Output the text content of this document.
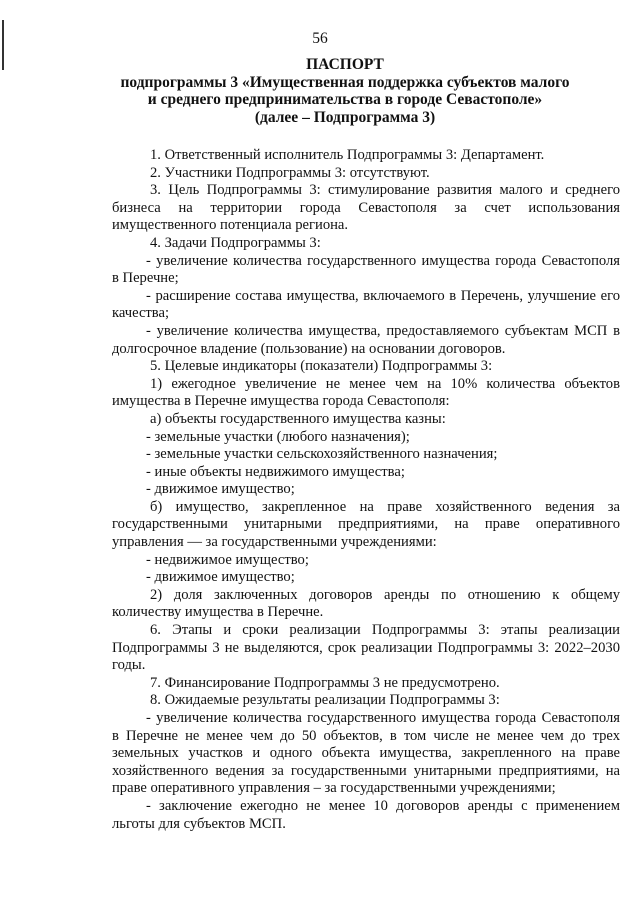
56
ПАСПОРТ
подпрограммы 3 «Имущественная поддержка субъектов малого
и среднего предпринимательства в городе Севастополе»
(далее – Подпрограмма 3)
1. Ответственный исполнитель Подпрограммы 3: Департамент.
2. Участники Подпрограммы 3: отсутствуют.
3. Цель Подпрограммы 3: стимулирование развития малого и среднего бизнеса на территории города Севастополя за счет использования имущественного потенциала региона.
4. Задачи Подпрограммы 3:
- увеличение количества государственного имущества города Севастополя в Перечне;
- расширение состава имущества, включаемого в Перечень, улучшение его качества;
- увеличение количества имущества, предоставляемого субъектам МСП в долгосрочное владение (пользование) на основании договоров.
5. Целевые индикаторы (показатели) Подпрограммы 3:
1) ежегодное увеличение не менее чем на 10% количества объектов имущества в Перечне имущества города Севастополя:
а) объекты государственного имущества казны:
- земельные участки (любого назначения);
- земельные участки сельскохозяйственного назначения;
- иные объекты недвижимого имущества;
- движимое имущество;
б) имущество, закрепленное на праве хозяйственного ведения за государственными унитарными предприятиями, на праве оперативного управления — за государственными учреждениями:
- недвижимое имущество;
- движимое имущество;
2) доля заключенных договоров аренды по отношению к общему количеству имущества в Перечне.
6. Этапы и сроки реализации Подпрограммы 3: этапы реализации Подпрограммы 3 не выделяются, срок реализации Подпрограммы 3: 2022–2030 годы.
7. Финансирование Подпрограммы 3 не предусмотрено.
8. Ожидаемые результаты реализации Подпрограммы 3:
- увеличение количества государственного имущества города Севастополя в Перечне не менее чем до 50 объектов, в том числе не менее чем до трех земельных участков и одного объекта имущества, закрепленного на праве хозяйственного ведения за государственными унитарными предприятиями, на праве оперативного управления – за государственными учреждениями;
- заключение ежегодно не менее 10 договоров аренды с применением льготы для субъектов МСП.
